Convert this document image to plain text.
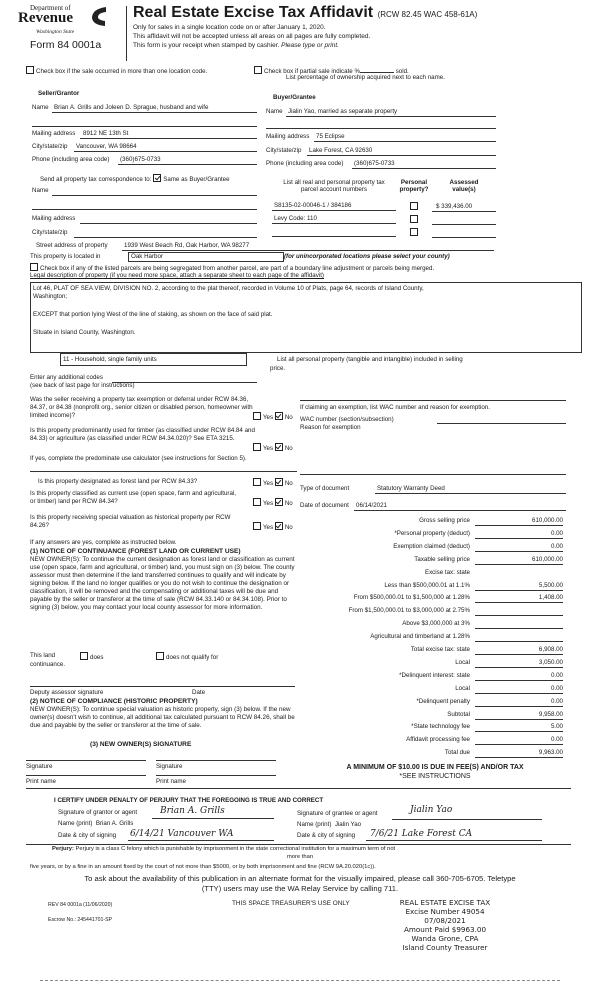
Department of
Revenue
Washington State
Form 84 0001a
Real Estate Excise Tax Affidavit (RCW 82.45 WAC 458-61A)
Only for sales in a single location code on or after January 1, 2020.
This affidavit will not be accepted unless all areas on all pages are fully completed.
This form is your receipt when stamped by cashier. Please type or print.
Check box if the sale occurred in more than one location code.	Check box if partial sale indicate %	sold.
List percentage of ownership acquired next to each name.
Seller/Grantor
Name Brian A. Grills and Joleen D. Sprague, husband and wife
Mailing address 8912 NE 13th St
City/state/zip Vancouver, WA 98664
Phone (including area code) (360)675-0733
Buyer/Grantee
Name Jialin Yao, married as separate property
Mailing address 75 Eclipse
City/state/zip Lake Forest, CA 92630
Phone (including area code) (360)675-0733
Send all property tax correspondence to: Same as Buyer/Grantee
Name
Mailing address
City/state/zip
List all real and personal property tax
parcel account numbers
Personal
property?
Assessed
value(s)
S8135-02-00046-1 / 384186	$ 339,436.00
Levy Code: 110
Street address of property	1939 West Beach Rd, Oak Harbor, WA 98277
This property is located in	Oak Harbor	(for unincorporated locations please select your county)
Check box if any of the listed parcels are being segregated from another parcel, are part of a boundary line adjustment or parcels being merged.
Legal description of property (if you need more space, attach a separate sheet to each page of the affidavit)
Lot 46, PLAT OF SEA VIEW, DIVISION NO. 2, according to the plat thereof, recorded in Volume 10 of Plats, page 64, records of Island County,
Washington;
EXCEPT that portion lying West of the line of staking, as shown on the face of said plat.
Situate in Island County, Washington.
11 - Household, single family units	List all personal property (tangible and intangible) included in selling
price.
Enter any additional codes
(see back of last page for instructions)
Was the seller receiving a property tax exemption or deferral under RCW 84.36, 84.37, or 84.38 (nonprofit org., senior citizen or disabled person, homeowner with limited income)?	Yes No
Is this property predominantly used for timber (as classified under RCW 84.84 and 84.33) or agriculture (as classified under RCW 84.34.020)? See ETA 3215.
Yes No
Is this property designated as forest land per RCW 84.33?	Yes No
Is this property classified as current use (open space, farm and agricultural, or timber) land per RCW 84.34?	Yes No
Is this property receiving special valuation as historical property per RCW 84.26?	Yes No
If yes, complete the predominate use calculator (see instructions for Section 5).
If any answers are yes, complete as instructed below.
(1) NOTICE OF CONTINUANCE (FOREST LAND OR CURRENT USE)
NEW OWNER(S): To continue the current designation as forest land or classification as current use (open space, farm and agricultural, or timber) land, you must sign on (3) below. The county assessor must then determine if the land transferred continues to qualify and will indicate by signing below. If the land no longer qualifies or you do not wish to continue the designation or classification, it will be removed and the compensating or additional taxes will be due and payable by the seller or transferor at the time of sale (RCW 84.33.140 or 84.34.108). Prior to signing (3) below, you may contact your local county assessor for more information.
This land	does	does not qualify for
continuance.
Deputy assessor signature	Date
(2) NOTICE OF COMPLIANCE (HISTORIC PROPERTY)
NEW OWNER(S): To continue special valuation as historic property, sign (3) below. If the new owner(s) doesn't wish to continue, all additional tax calculated pursuant to RCW 84.26, shall be due and payable by the seller or transferor at the time of sale.
(3) NEW OWNER(S) SIGNATURE
Signature	Signature
Print name	Print name
If claiming an exemption, list WAC number and reason for exemption.
WAC number (section/subsection)
Reason for exemption
Type of document	Statutory Warranty Deed
Date of document 06/14/2021
Gross selling price	610,000.00
*Personal property (deduct)	0.00
Exemption claimed (deduct)	0.00
Taxable selling price	610,000.00
Excise tax: state
Less than $500,000.01 at 1.1%	5,500.00
From $500,000.01 to $1,500,000 at 1.28%	1,408.00
From $1,500,000.01 to $3,000,000 at 2.75%
Above $3,000,000 at 3%
Agricultural and timberland at 1.28%
Total excise tax: state	6,908.00
Local	3,050.00
*Delinquent interest: state	0.00
Local	0.00
*Delinquent penalty	0.00
Subtotal	9,958.00
*State technology fee	5.00
Affidavit processing fee	0.00
Total due	9,963.00
A MINIMUM OF $10.00 IS DUE IN FEE(S) AND/OR TAX
*SEE INSTRUCTIONS
I CERTIFY UNDER PENALTY OF PERJURY THAT THE FOREGOING IS TRUE AND CORRECT
Signature of grantor or agent	Brian A. Grills
Name (print) Brian A. Grills
Date & city of signing 6/14/21 Vancouver WA
Signature of grantee or agent	Jialin Yao
Name (print) Jialin Yao
Date & city of signing 7/6/21 Lake Forest CA
Perjury: Perjury is a class C felony which is punishable by imprisonment in the state correctional institution for a maximum term of not
more than
five years, or by a fine in an amount fixed by the court of not more than $5000, or by both imprisonment and fine (RCW 9A.20.020(1c)).
To ask about the availability of this publication in an alternate format for the visually impaired, please call 360-705-6705. Teletype
(TTY) users may use the WA Relay Service by calling 711.
REV 84 0001a (11/06/2020)
Escrow No.: 245441701-SP
THIS SPACE TREASURER'S USE ONLY	REAL ESTATE EXCISE TAX
Excise Number 49054
07/08/2021
Amount Paid $9963.00
Wanda Grone, CPA
Island County Treasurer
